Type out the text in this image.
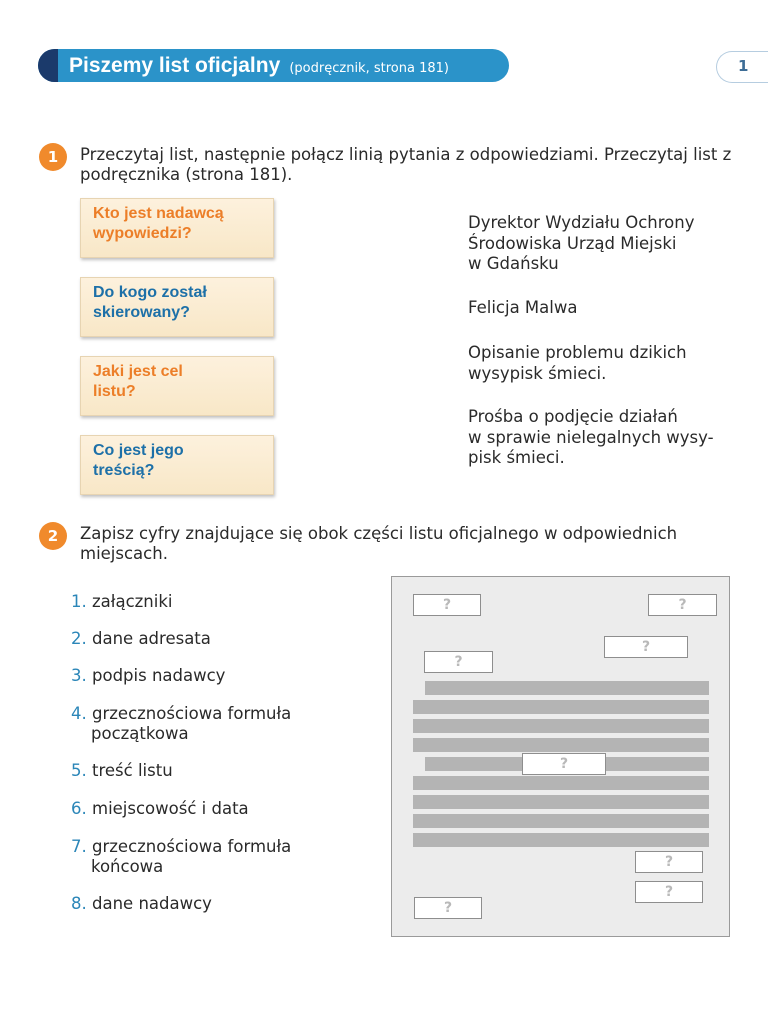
Piszemy list oficjalny (podręcznik, strona 181)	1
1	Przeczytaj list, następnie połącz linią pytania z odpowiedziami. Przeczytaj list z podręcznika (strona 181).
Kto jest nadawcą
wypowiedzi?
Do kogo został
skierowany?
Jaki jest cel
listu?
Co jest jego
treścią?
Dyrektor Wydziału Ochrony
Środowiska Urząd Miejski
w Gdańsku
Felicja Malwa
Opisanie problemu dzikich
wysypisk śmieci.
Prośba o podjęcie działań
w sprawie nielegalnych wysy-
pisk śmieci.
2	Zapisz cyfry znajdujące się obok części listu oficjalnego w odpowiednich miejscach.
1. załączniki
2. dane adresata
3. podpis nadawcy
4. grzecznościowa formuła
początkowa
5. treść listu
6. miejscowość i data
7. grzecznościowa formuła
końcowa
8. dane nadawcy
?	?
?
?
?
?
?
?
